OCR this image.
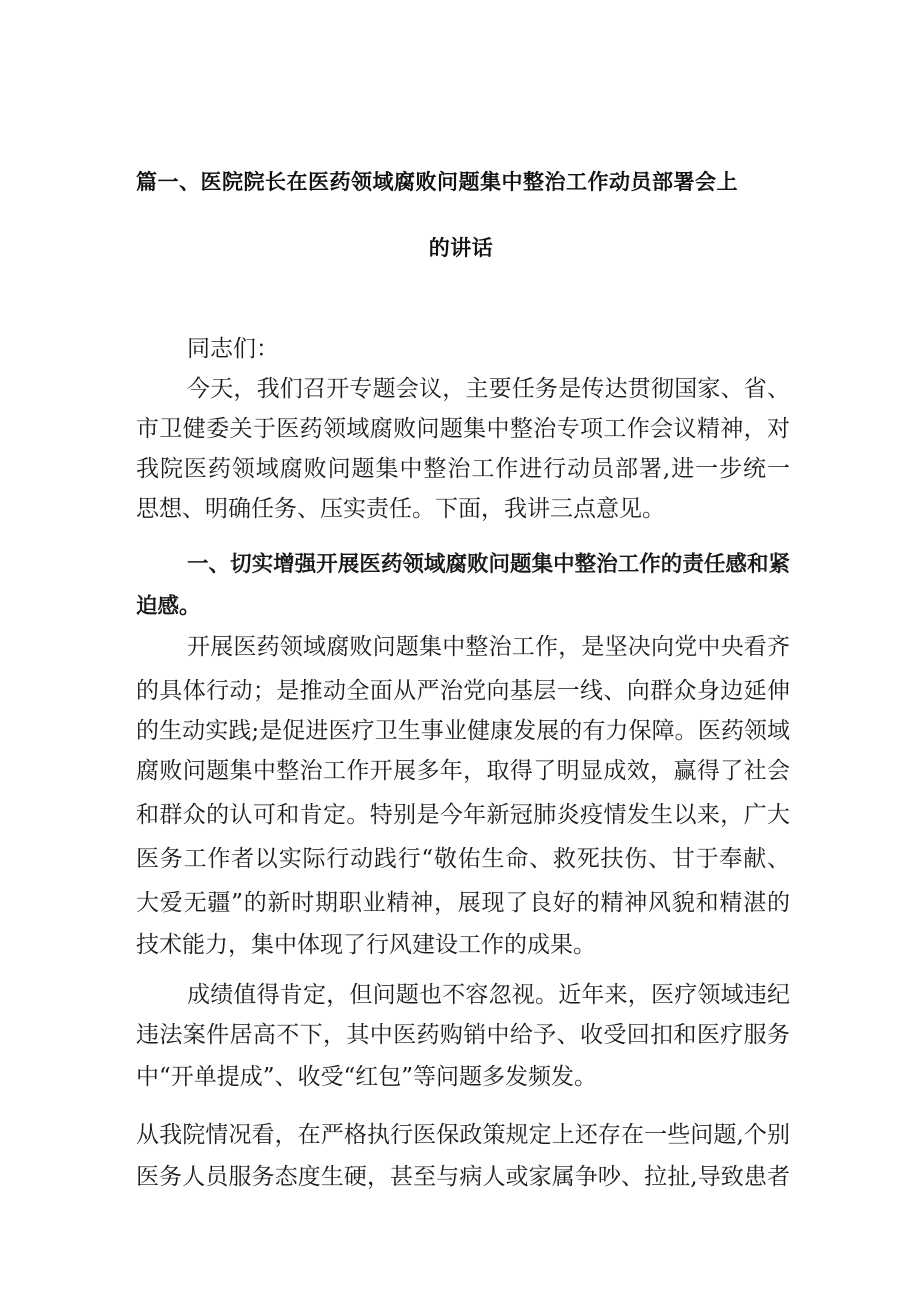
篇一、医院院长在医药领域腐败问题集中整治工作动员部署会上
的讲话
同志们：
今天，我们召开专题会议，主要任务是传达贯彻国家、省、
市卫健委关于医药领域腐败问题集中整治专项工作会议精神，对
我院医药领域腐败问题集中整治工作进行动员部署,进一步统一
思想、明确任务、压实责任。下面，我讲三点意见。
一、切实增强开展医药领域腐败问题集中整治工作的责任感和紧
迫感。
开展医药领域腐败问题集中整治工作，是坚决向党中央看齐
的具体行动；是推动全面从严治党向基层一线、向群众身边延伸
的生动实践;是促进医疗卫生事业健康发展的有力保障。医药领域
腐败问题集中整治工作开展多年，取得了明显成效，赢得了社会
和群众的认可和肯定。特别是今年新冠肺炎疫情发生以来，广大
医务工作者以实际行动践行“敬佑生命、救死扶伤、甘于奉献、
大爱无疆”的新时期职业精神，展现了良好的精神风貌和精湛的
技术能力，集中体现了行风建设工作的成果。
成绩值得肯定，但问题也不容忽视。近年来，医疗领域违纪
违法案件居高不下，其中医药购销中给予、收受回扣和医疗服务
中“开单提成”、收受“红包”等问题多发频发。
从我院情况看，在严格执行医保政策规定上还存在一些问题,个别
医务人员服务态度生硬，甚至与病人或家属争吵、拉扯,导致患者
